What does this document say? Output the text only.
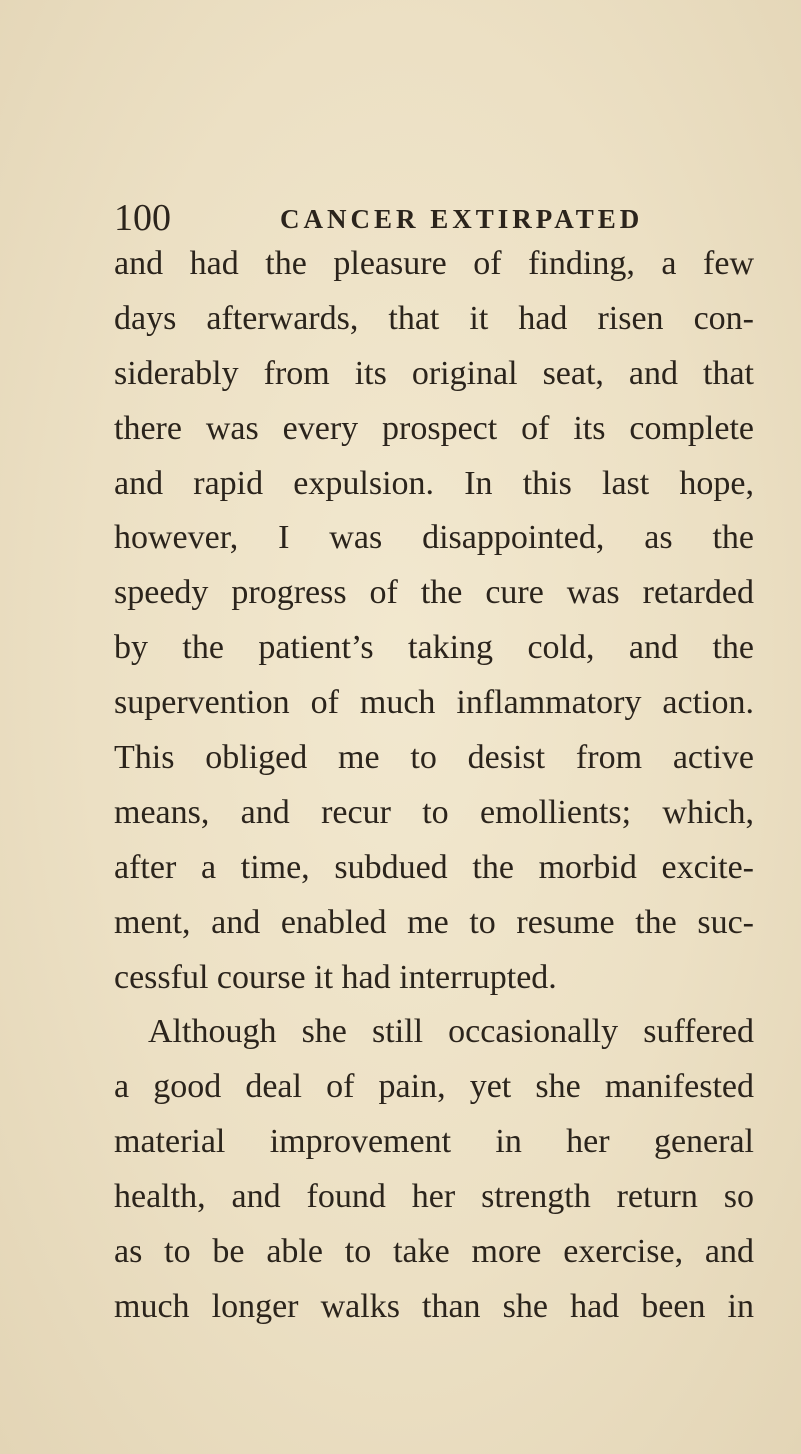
100	CANCER EXTIRPATED
and had the pleasure of finding, a few
days afterwards, that it had risen con-
siderably from its original seat, and that
there was every prospect of its complete
and rapid expulsion. In this last hope,
however, I was disappointed, as the
speedy progress of the cure was retarded
by the patient’s taking cold, and the
supervention of much inflammatory action.
This obliged me to desist from active
means, and recur to emollients; which,
after a time, subdued the morbid excite-
ment, and enabled me to resume the suc-
cessful course it had interrupted.
Although she still occasionally suffered
a good deal of pain, yet she manifested
material improvement in her general
health, and found her strength return so
as to be able to take more exercise, and
much longer walks than she had been in
